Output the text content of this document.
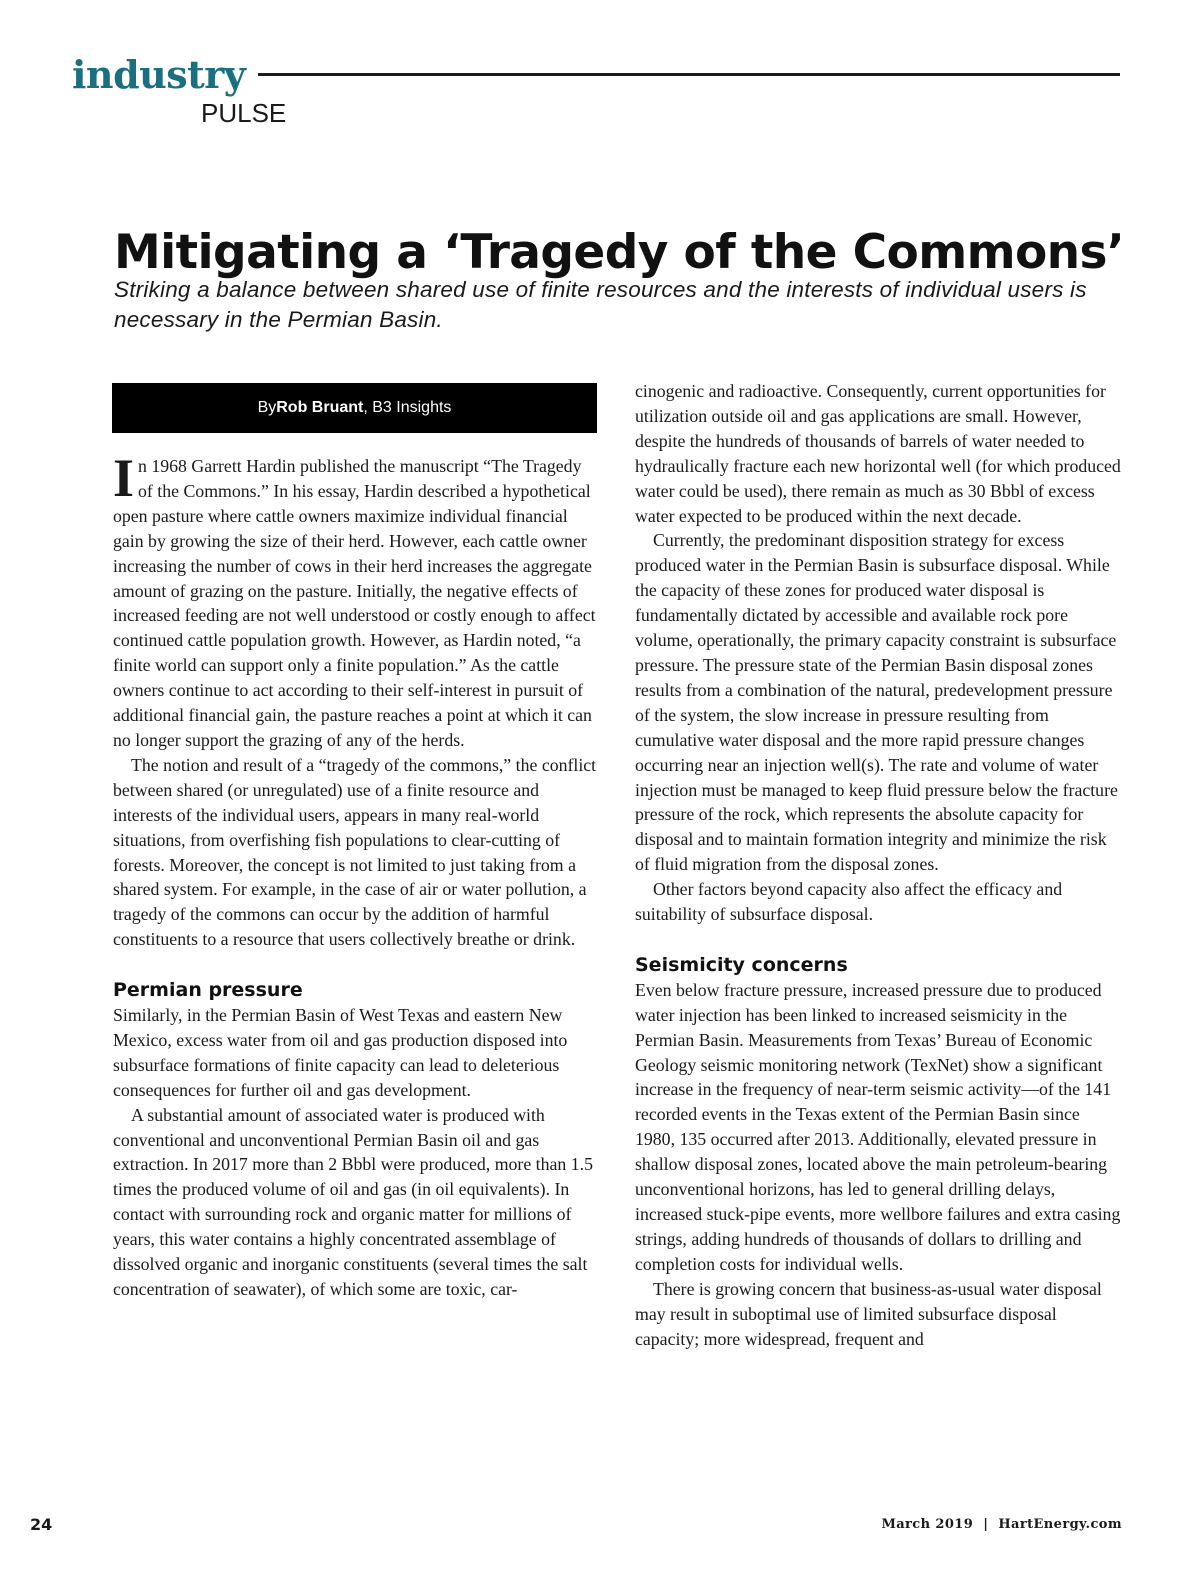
industry
PULSE
Mitigating a ‘Tragedy of the Commons’
Striking a balance between shared use of finite resources and the interests of individual users is necessary in the Permian Basin.
By Rob Bruant , B3 Insights

In 1968 Garrett Hardin published the manuscript “The Tragedy of the Commons.” In his essay, Hardin described a hypothetical open pasture where cattle owners maximize individual financial gain by growing the size of their herd. However, each cattle owner increasing the number of cows in their herd increases the aggregate amount of grazing on the pasture. Initially, the negative effects of increased feeding are not well understood or costly enough to affect continued cattle population growth. However, as Hardin noted, “a finite world can support only a finite population.” As the cattle owners continue to act according to their self-interest in pursuit of additional financial gain, the pasture reaches a point at which it can no longer support the grazing of any of the herds.

The notion and result of a “tragedy of the commons,” the conflict between shared (or unregulated) use of a finite resource and interests of the individual users, appears in many real-world situations, from overfishing fish populations to clear-cutting of forests. Moreover, the concept is not limited to just taking from a shared system. For example, in the case of air or water pollution, a tragedy of the commons can occur by the addition of harmful constituents to a resource that users collectively breathe or drink.

Permian pressure

Similarly, in the Permian Basin of West Texas and eastern New Mexico, excess water from oil and gas production disposed into subsurface formations of finite capacity can lead to deleterious consequences for further oil and gas development.

A substantial amount of associated water is produced with conventional and unconventional Permian Basin oil and gas extraction. In 2017 more than 2 Bbbl were produced, more than 1.5 times the produced volume of oil and gas (in oil equivalents). In contact with surrounding rock and organic matter for millions of years, this water contains a highly concentrated assemblage of dissolved organic and inorganic constituents (several times the salt concentration of seawater), of which some are toxic, car-

cinogenic and radioactive. Consequently, current opportunities for utilization outside oil and gas applications are small. However, despite the hundreds of thousands of barrels of water needed to hydraulically fracture each new horizontal well (for which produced water could be used), there remain as much as 30 Bbbl of excess water expected to be produced within the next decade.

Currently, the predominant disposition strategy for excess produced water in the Permian Basin is subsurface disposal. While the capacity of these zones for produced water disposal is fundamentally dictated by accessible and available rock pore volume, operationally, the primary capacity constraint is subsurface pressure. The pressure state of the Permian Basin disposal zones results from a combination of the natural, predevelopment pressure of the system, the slow increase in pressure resulting from cumulative water disposal and the more rapid pressure changes occurring near an injection well(s). The rate and volume of water injection must be managed to keep fluid pressure below the fracture pressure of the rock, which represents the absolute capacity for disposal and to maintain formation integrity and minimize the risk of fluid migration from the disposal zones.

Other factors beyond capacity also affect the efficacy and suitability of subsurface disposal.

Seismicity concerns

Even below fracture pressure, increased pressure due to produced water injection has been linked to increased seismicity in the Permian Basin. Measurements from Texas’ Bureau of Economic Geology seismic monitoring network (TexNet) show a significant increase in the frequency of near-term seismic activity—of the 141 recorded events in the Texas extent of the Permian Basin since 1980, 135 occurred after 2013. Additionally, elevated pressure in shallow disposal zones, located above the main petroleum-bearing unconventional horizons, has led to general drilling delays, increased stuck-pipe events, more wellbore failures and extra casing strings, adding hundreds of thousands of dollars to drilling and completion costs for individual wells.

There is growing concern that business-as-usual water disposal may result in suboptimal use of limited subsurface disposal capacity; more widespread, frequent and

24	March 2019 | HartEnergy.com
